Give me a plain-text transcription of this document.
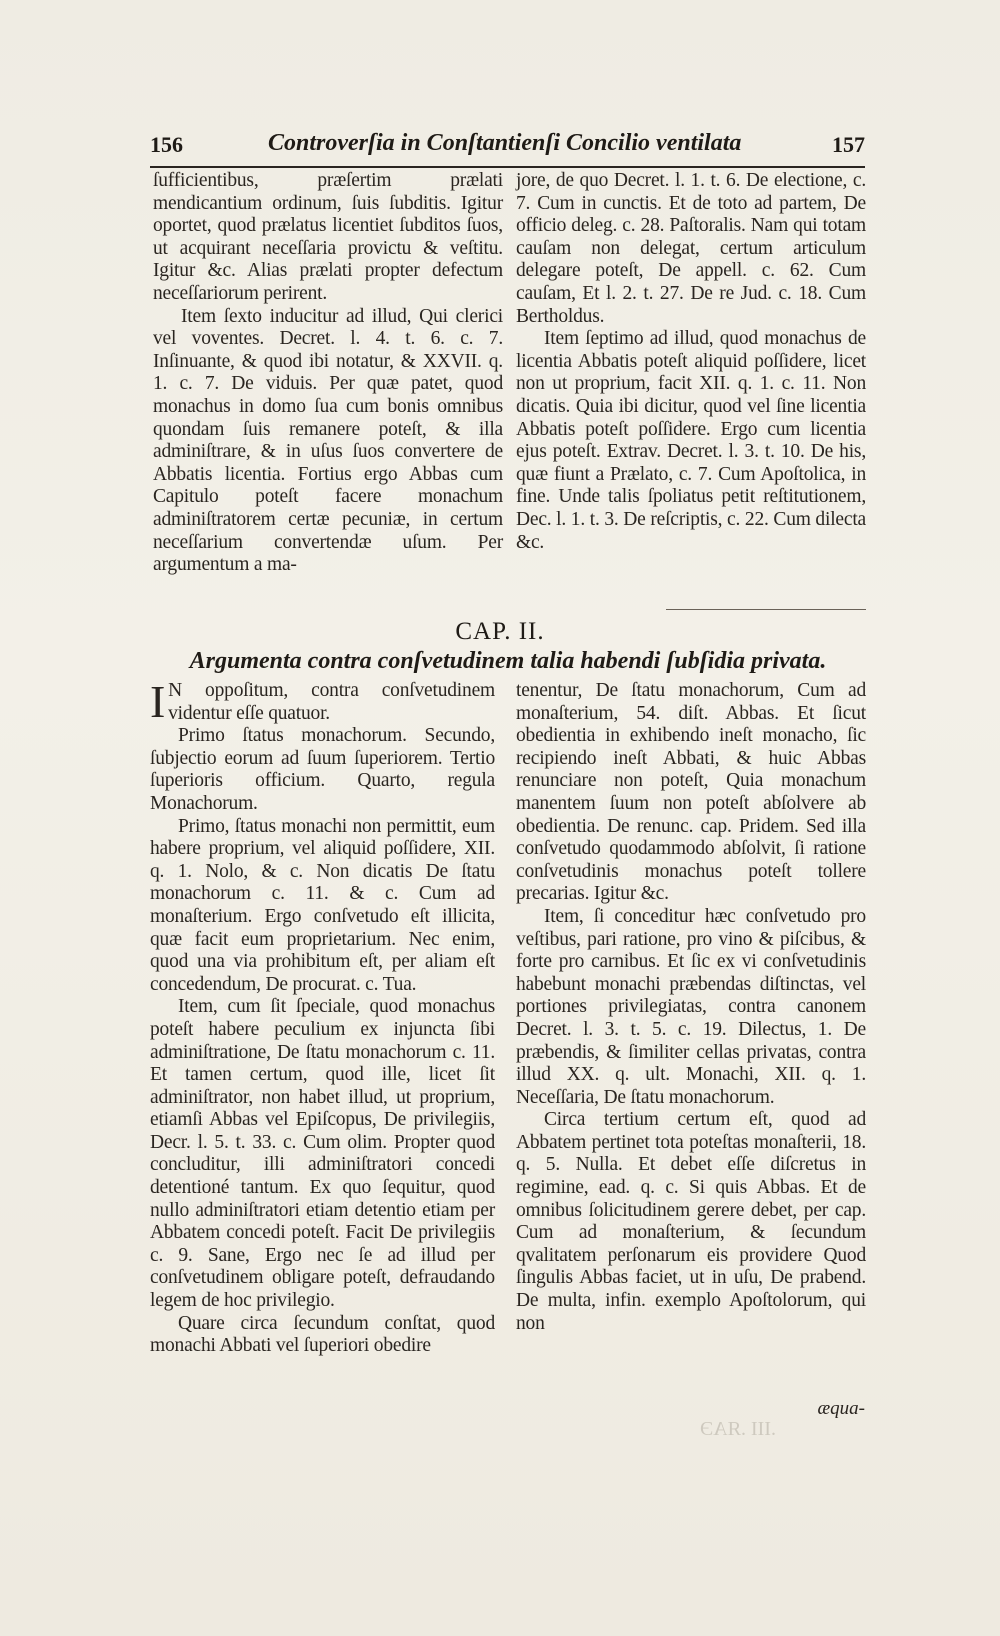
156	Controverſia in Conſtantienſi Concilio ventilata	157

ſufficientibus, præſertim prælati mendicantium ordinum, ſuis ſubditis. Igitur oportet, quod prælatus licentiet ſubditos ſuos, ut acquirant neceſſaria provictu & veſtitu. Igitur &c. Alias prælati propter defectum neceſſariorum perirent.

Item ſexto inducitur ad illud, Qui clerici vel voventes. Decret. l. 4. t. 6. c. 7. Inſinuante, & quod ibi notatur, & XXVII. q. 1. c. 7. De viduis. Per quæ patet, quod monachus in domo ſua cum bonis omnibus quondam ſuis remanere poteſt, & illa adminiſtrare, & in uſus ſuos convertere de Abbatis licentia. Fortius ergo Abbas cum Capitulo poteſt facere monachum adminiſtratorem certæ pecuniæ, in certum neceſſarium convertendæ uſum. Per argumentum a ma-

jore, de quo Decret. l. 1. t. 6. De electione, c. 7. Cum in cunctis. Et de toto ad partem, De officio deleg. c. 28. Paſtoralis. Nam qui totam cauſam non delegat, certum articulum delegare poteſt, De appell. c. 62. Cum cauſam, Et l. 2. t. 27. De re Jud. c. 18. Cum Bertholdus.

Item ſeptimo ad illud, quod monachus de licentia Abbatis poteſt aliquid poſſidere, licet non ut proprium, facit XII. q. 1. c. 11. Non dicatis. Quia ibi dicitur, quod vel ſine licentia Abbatis poteſt poſſidere. Ergo cum licentia ejus poteſt. Extrav. Decret. l. 3. t. 10. De his, quæ fiunt a Prælato, c. 7. Cum Apoſtolica, in fine. Unde talis ſpoliatus petit reſtitutionem, Dec. l. 1. t. 3. De reſcriptis, c. 22. Cum dilecta &c.

CAP. II.
Argumenta contra conſvetudinem talia habendi ſubſidia privata.
I N oppoſitum, contra conſvetudinem videntur eſſe quatuor.

Primo ſtatus monachorum. Secundo, ſubjectio eorum ad ſuum ſuperiorem. Tertio ſuperioris officium. Quarto, regula Monachorum.

Primo, ſtatus monachi non permittit, eum habere proprium, vel aliquid poſſidere, XII. q. 1. Nolo, & c. Non dicatis De ſtatu monachorum c. 11. & c. Cum ad monaſterium. Ergo conſvetudo eſt illicita, quæ facit eum proprietarium. Nec enim, quod una via prohibitum eſt, per aliam eſt concedendum, De procurat. c. Tua.

Item, cum ſit ſpeciale, quod monachus poteſt habere peculium ex injuncta ſibi adminiſtratione, De ſtatu monachorum c. 11. Et tamen certum, quod ille, licet ſit adminiſtrator, non habet illud, ut proprium, etiamſi Abbas vel Epiſcopus, De privilegiis, Decr. l. 5. t. 33. c. Cum olim. Propter quod concluditur, illi adminiſtratori concedi detentioné tantum. Ex quo ſequitur, quod nullo adminiſtratori etiam detentio etiam per Abbatem concedi poteſt. Facit De privilegiis c. 9. Sane, Ergo nec ſe ad illud per conſvetudinem obligare poteſt, defraudando legem de hoc privilegio.

Quare circa ſecundum conſtat, quod monachi Abbati vel ſuperiori obedire

tenentur, De ſtatu monachorum, Cum ad monaſterium, 54. diſt. Abbas. Et ſicut obedientia in exhibendo ineſt monacho, ſic recipiendo ineſt Abbati, & huic Abbas renunciare non poteſt, Quia monachum manentem ſuum non poteſt abſolvere ab obedientia. De renunc. cap. Pridem. Sed illa conſvetudo quodammodo abſolvit, ſi ratione conſvetudinis monachus poteſt tollere precarias. Igitur &c.

Item, ſi conceditur hæc conſvetudo pro veſtibus, pari ratione, pro vino & piſcibus, & forte pro carnibus. Et ſic ex vi conſvetudinis habebunt monachi præbendas diſtinctas, vel portiones privilegiatas, contra canonem Decret. l. 3. t. 5. c. 19. Dilectus, 1. De præbendis, & ſimiliter cellas privatas, contra illud XX. q. ult. Monachi, XII. q. 1. Neceſſaria, De ſtatu monachorum.

Circa tertium certum eſt, quod ad Abbatem pertinet tota poteſtas monaſterii, 18. q. 5. Nulla. Et debet eſſe diſcretus in regimine, ead. q. c. Si quis Abbas. Et de omnibus ſolicitudinem gerere debet, per cap. Cum ad monaſterium, & ſecundum qvalitatem perſonarum eis providere Quod ſingulis Abbas faciet, ut in uſu, De prabend. De multa, infin. exemplo Apoſtolorum, qui non

æqua-
.III .ЯAЭ
